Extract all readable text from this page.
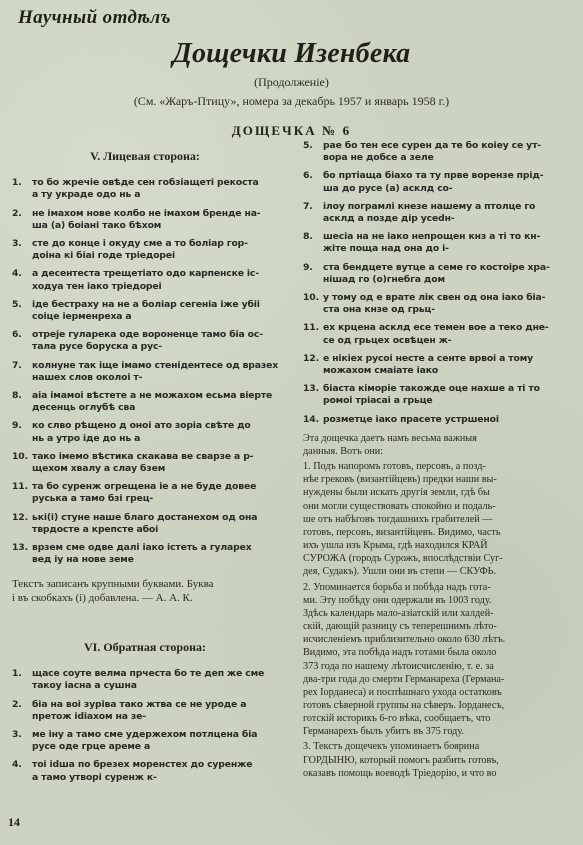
Научный отдѣлъ
Дощечки Изенбека
(Продолженіе)
(См. «Жаръ-Птицу», номера за декабрь 1957 и январь 1958 г.)
ДОЩЕЧКА № 6
V. Лицевая сторона:
1.	то бо жречіе овѣде сен гобзіащеті рекоста
а ту украде одо нь а
2.	не імахом нове колбо не імахом бренде на-
ша (а) боіані тако бѣхом
3.	сте до конце і окуду сме а то боліар гор-
доіна кі біаі годе тріедорeі
4.	а десентеста трещетіато одо карпенске іс-
ходуа тен іако тріедорeі
5.	іде бестраху на не а боліар сегеніа іже убіі
соіце іерменреха а
6.	отреје гуларека оде вороненце тамо біа ос-
тала русе боруска а рус-
7.	колнуне так іще імамо стенідентесе од вразех
нашех слов околоі т-
8.	аіа імамоі вѣстете а не можахом есьма віерте
десенць оглубѣ сва
9.	ко слво рѣщено д онoі ато зоріа свѣте до
нь а утро іде до нь а
10. тако імемо вѣстика скакава ве сварзе а р-
щехом хвалу а слау бзем
11. та бо суренж огрещена іе а не буде довеe
руська а тамо бзі грец-
12. ькі(і) стуне наше благо достанехом од она
тврдосте а крепсте абоі
13. врзем сме одве далі іако істеть а гуларех
вед іу на нове земе
Текстъ записанъ крупными буквами. Буква
і въ скобкахъ (і) добавлена. — А. А. К.
VI. Обратная сторона:
1.	щасе соуте велма прчеста бо те деп же сме
такоу іасна а сушна
2.	біа на воі зуріва тако жтва се не уроде а
претож іdіахом на зе-
3.	ме іну а тамо сме удержехом потлцена біа
русе оде грце ареме а
4.	тоі іdша по брезех моренстех до суренже
а тамо утворі суренж к-
5.	рае бо тен есе сурен да те бо коіеу се ут-
вора не добсе а зеле
6.	бо пртіаща біахо та ту прве ворензе прід-
ша до русе (а) асклд со-
7.	ілоу пограмлі кнезе нашему а птолце го
асклд а позде дір усеdн-
8.	шесіа на не іако непрощен кнз а ті то кн-
жіте поща над она до і-
9.	ста бендцете вутце а семе го костоіре хра-
нішад го (о)гнебга дом
10. у тому од е врате лік свен од она іако біа-
ста она кнзе од грьц-
11. ех крцена асклд есе темен вое а теко дне-
се од грьцех освѣцен ж-
12. е нікіех русоі несте а сенте врвоі а тому
можахом смаіате іако
13. біаста кіморіе такожде оце нахше а ті то
ромоі тріасаі а грьце
14. розметце іако прасете устршеноі

Эта дощечка даетъ намъ весьма важныя
данныя. Вотъ они:

1. Подъ напоромъ готовъ, персовъ, а позд-
нѣе грековъ (византійцевъ) предки наши вы-
нуждены были искать другія земли, гдѣ бы
они могли существовать спокойно и подаль-
ше отъ набѣговъ тогдашнихъ грабителей —
готовъ, персовъ, византійцевъ. Видимо, часть
ихъ ушла изъ Крыма, гдѣ находился КРАЙ
СУРОЖА (городъ Сурожъ, впослѣдствіи Суг-
дея, Судакъ). Ушли они въ степи — СКУФЬ.

2. Упоминается борьба и побѣда надъ гота-
ми. Эту побѣду они одержали въ 1003 году.
Здѣсь календарь мало-азіатскій или халдей-
скій, дающій разницу съ теперешнимъ лѣто-
исчисленіемъ приблизительно около 630 лѣтъ.
Видимо, эта побѣда надъ готами была около
373 года по нашему лѣтоисчисленію, т. е. за
два-три года до смерти Германареха (Германа-
рех Іорданеса) и поспѣшнаго ухода остатковъ
готовъ сѣверной группы на сѣверъ. Іорданесъ,
готскій историкъ 6-го вѣка, сообщаетъ, что
Германарехъ былъ убитъ въ 375 году.

3. Текстъ дощечекъ упоминаетъ боярина
ГОРДЫНЮ, который помогъ разбить готовъ,
оказавъ помощь воеводѣ Тріедорію, и что во

14
